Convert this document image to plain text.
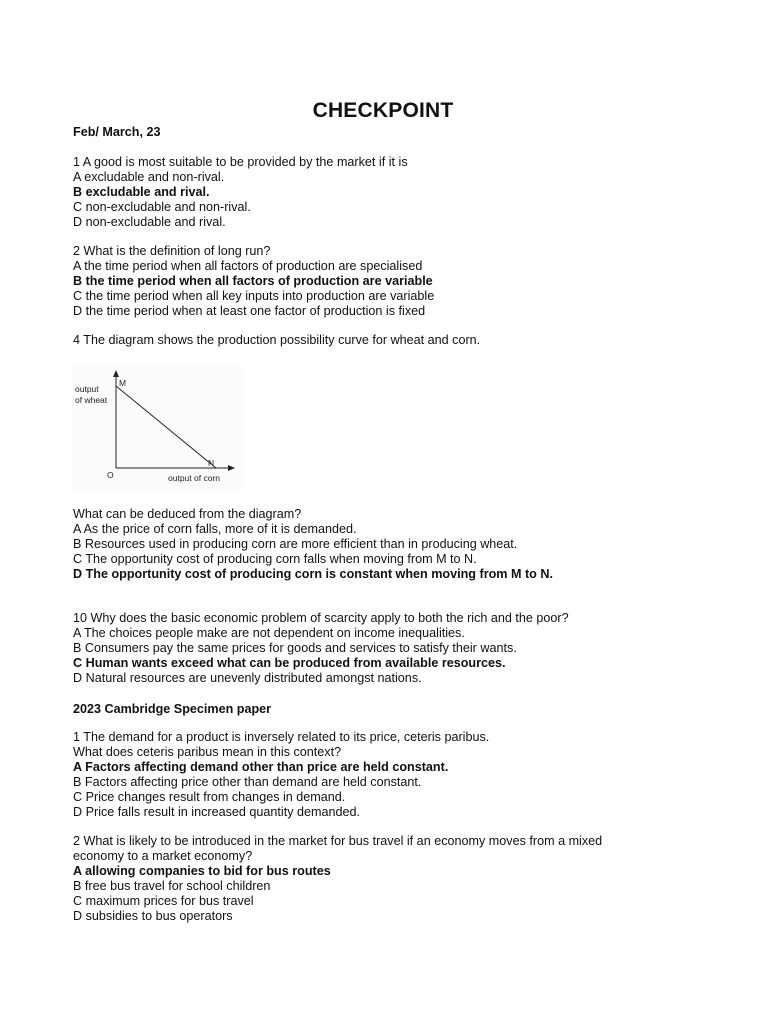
CHECKPOINT
Feb/ March, 23
1 A good is most suitable to be provided by the market if it is
A excludable and non-rival.
B excludable and rival.
C non-excludable and non-rival.
D non-excludable and rival.
2 What is the definition of long run?
A the time period when all factors of production are specialised
B the time period when all factors of production are variable
C the time period when all key inputs into production are variable
D the time period when at least one factor of production is fixed
4 The diagram shows the production possibility curve for wheat and corn.
M
N
O
output
of wheat
output of corn
What can be deduced from the diagram?
A As the price of corn falls, more of it is demanded.
B Resources used in producing corn are more efficient than in producing wheat.
C The opportunity cost of producing corn falls when moving from M to N.
D The opportunity cost of producing corn is constant when moving from M to N.
10 Why does the basic economic problem of scarcity apply to both the rich and the poor?
A The choices people make are not dependent on income inequalities.
B Consumers pay the same prices for goods and services to satisfy their wants.
C Human wants exceed what can be produced from available resources.
D Natural resources are unevenly distributed amongst nations.
2023 Cambridge Specimen paper
1 The demand for a product is inversely related to its price, ceteris paribus.
What does ceteris paribus mean in this context?
A Factors affecting demand other than price are held constant.
B Factors affecting price other than demand are held constant.
C Price changes result from changes in demand.
D Price falls result in increased quantity demanded.
2 What is likely to be introduced in the market for bus travel if an economy moves from a mixed
economy to a market economy?
A allowing companies to bid for bus routes
B free bus travel for school children
C maximum prices for bus travel
D subsidies to bus operators
